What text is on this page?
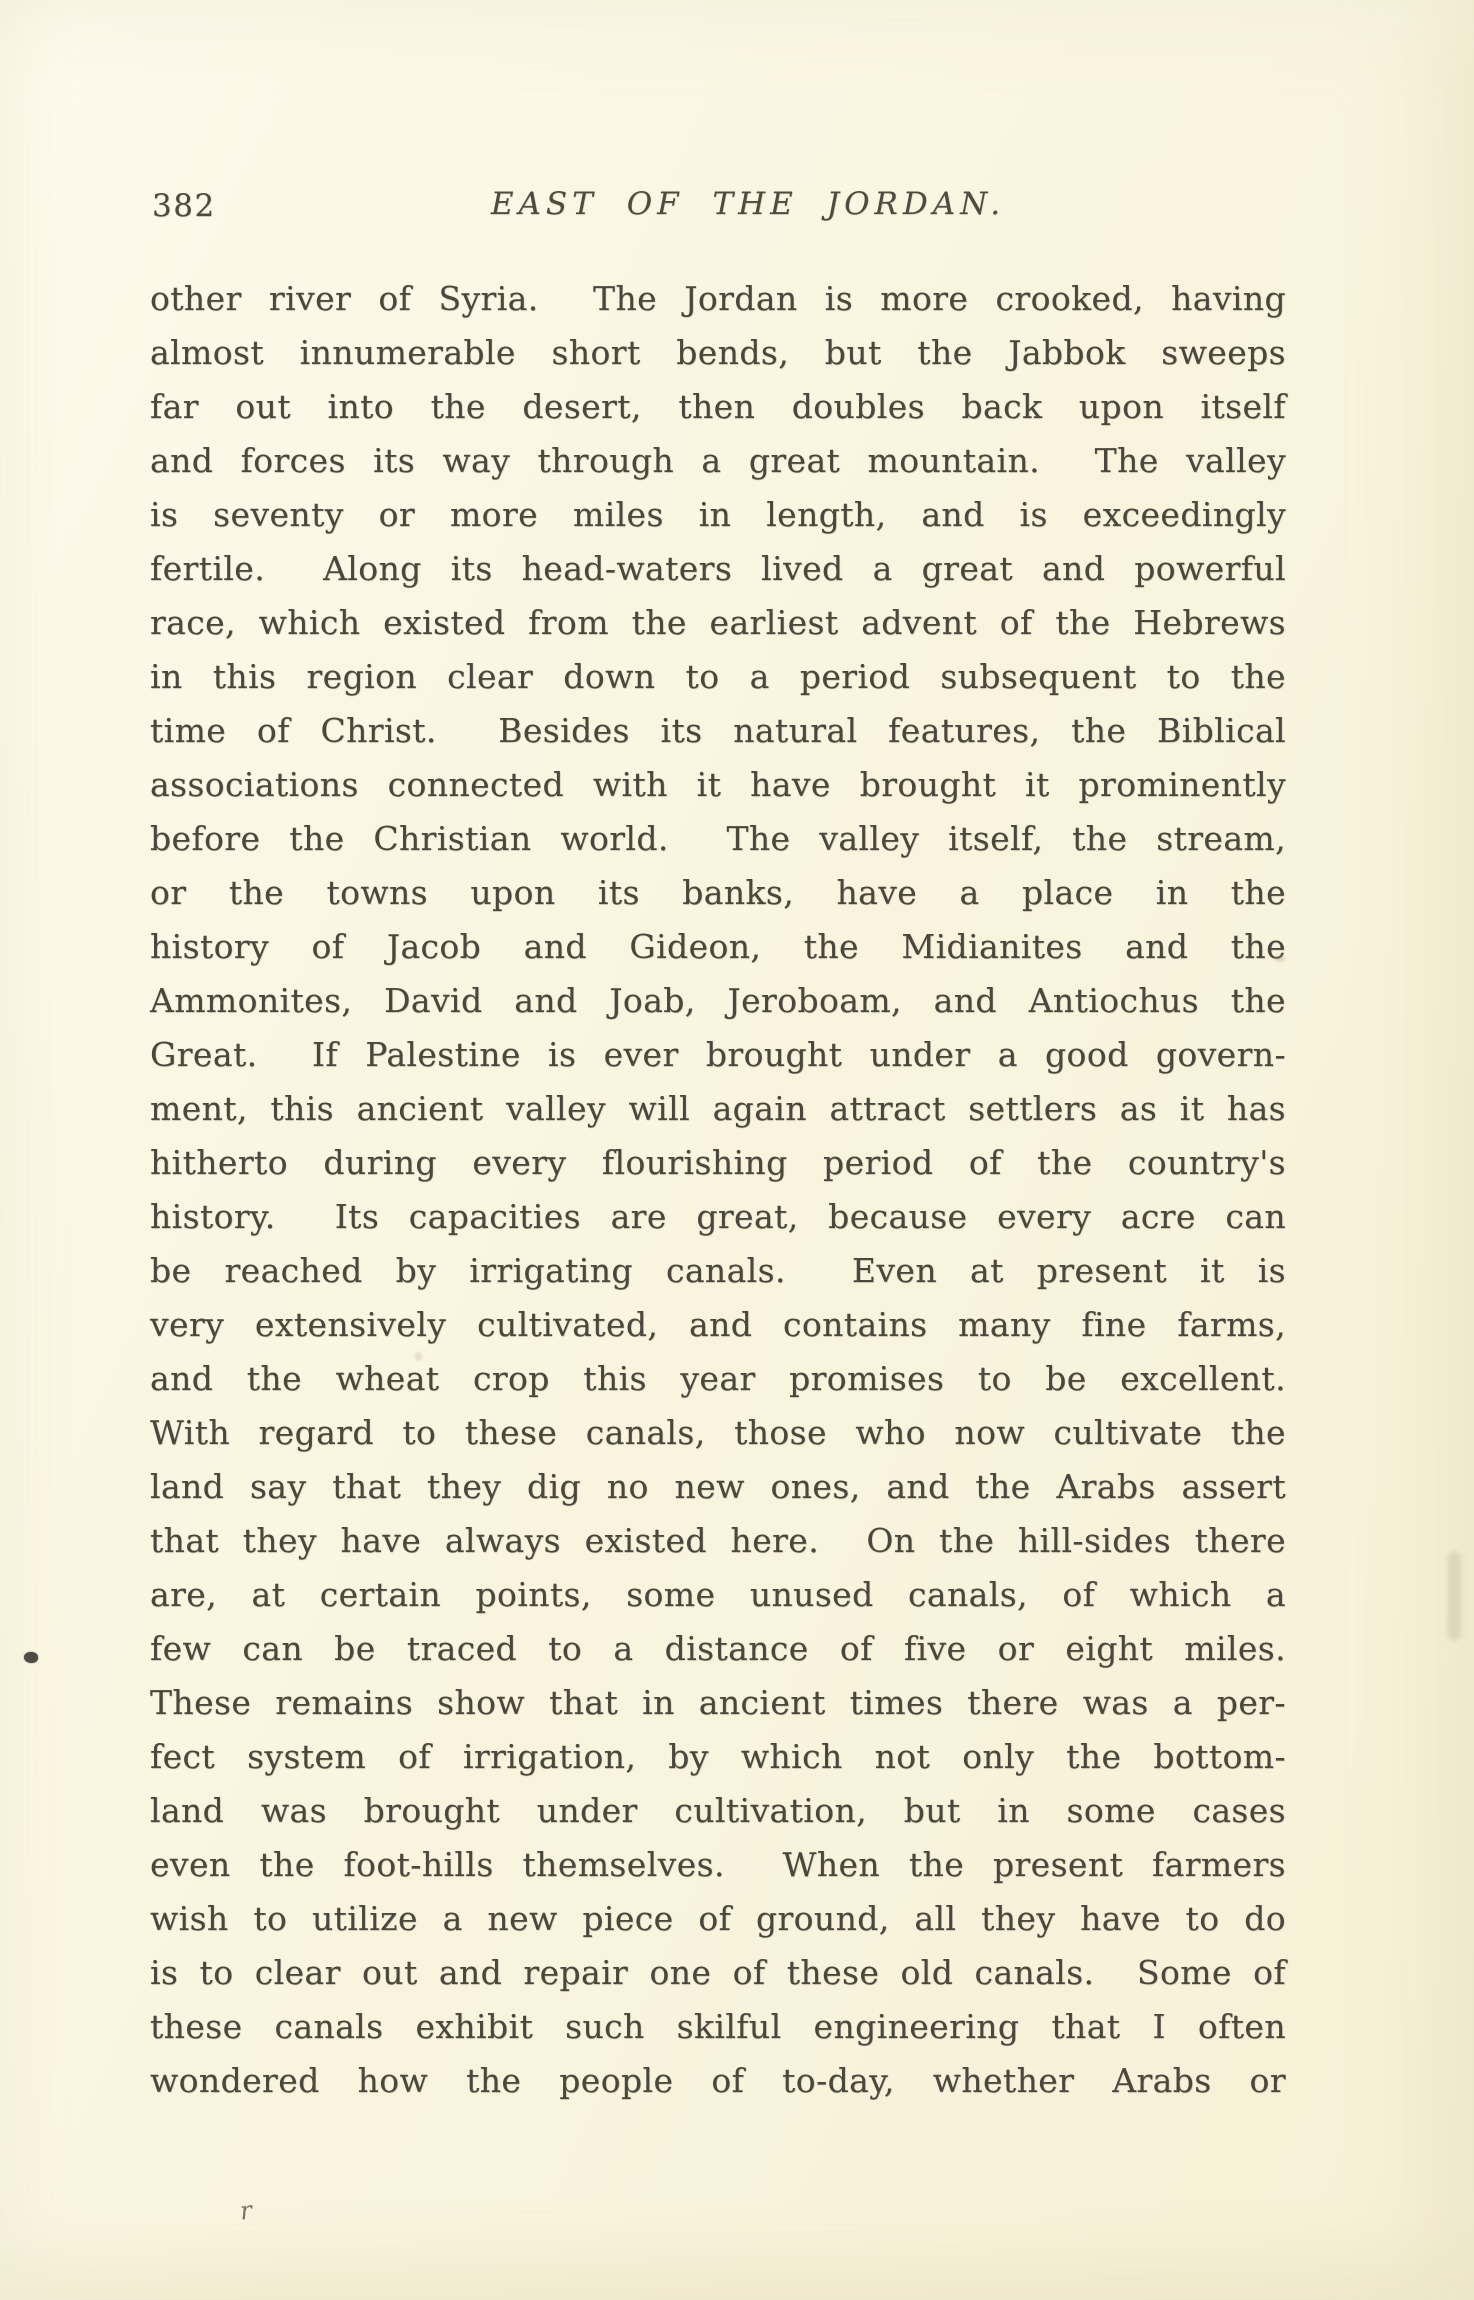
382	EAST OF THE JORDAN.
other river of Syria.  The Jordan is more crooked, having
almost innumerable short bends, but the Jabbok sweeps
far out into the desert, then doubles back upon itself
and forces its way through a great mountain.  The valley
is seventy or more miles in length, and is exceedingly
fertile.  Along its head-waters lived a great and powerful
race, which existed from the earliest advent of the Hebrews
in this region clear down to a period subsequent to the
time of Christ.  Besides its natural features, the Biblical
associations connected with it have brought it prominently
before the Christian world.  The valley itself, the stream,
or the towns upon its banks, have a place in the
history of Jacob and Gideon, the Midianites and the
Ammonites, David and Joab, Jeroboam, and Antiochus the
Great.  If Palestine is ever brought under a good govern-
ment, this ancient valley will again attract settlers as it has
hitherto during every flourishing period of the country's
history.  Its capacities are great, because every acre can
be reached by irrigating canals.  Even at present it is
very extensively cultivated, and contains many fine farms,
and the wheat crop this year promises to be excellent.
With regard to these canals, those who now cultivate the
land say that they dig no new ones, and the Arabs assert
that they have always existed here.  On the hill-sides there
are, at certain points, some unused canals, of which a
few can be traced to a distance of five or eight miles.
These remains show that in ancient times there was a per-
fect system of irrigation, by which not only the bottom-
land was brought under cultivation, but in some cases
even the foot-hills themselves.  When the present farmers
wish to utilize a new piece of ground, all they have to do
is to clear out and repair one of these old canals.  Some of
these canals exhibit such skilful engineering that I often
wondered how the people of to-day, whether Arabs or
r
